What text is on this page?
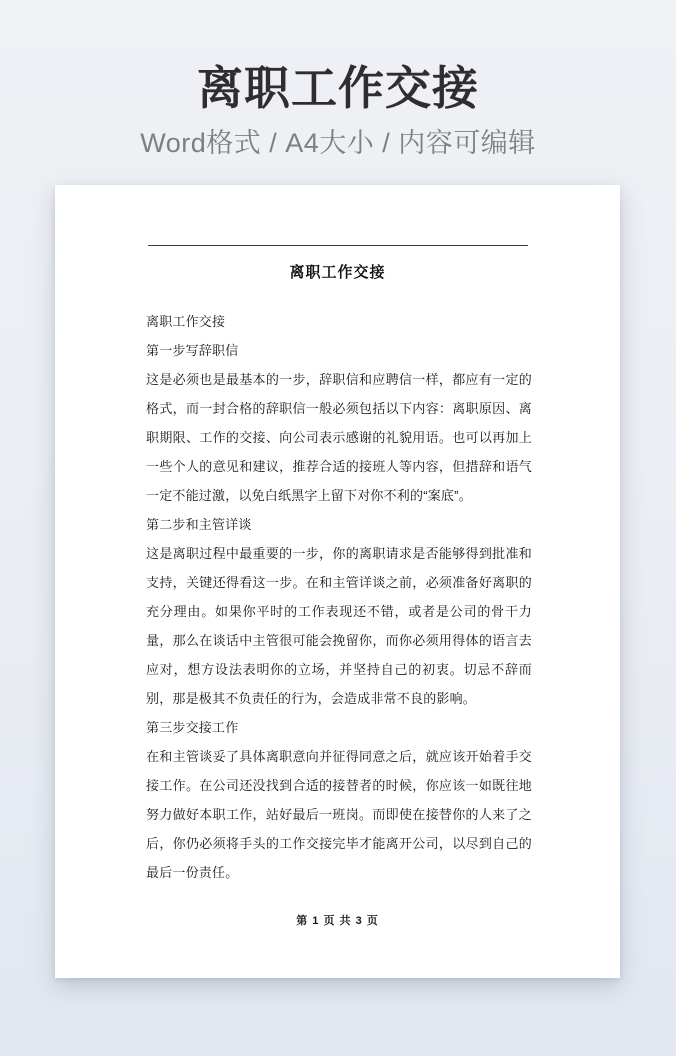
离职工作交接

Word格式 / A4大小 / 内容可编辑

离职工作交接

离职工作交接

第一步写辞职信

这是必须也是最基本的一步，辞职信和应聘信一样，都应有一定的格式，而一封合格的辞职信一般必须包括以下内容：离职原因、离职期限、工作的交接、向公司表示感谢的礼貌用语。也可以再加上一些个人的意见和建议，推荐合适的接班人等内容，但措辞和语气一定不能过激，以免白纸黑字上留下对你不利的“案底”。

第二步和主管详谈

这是离职过程中最重要的一步，你的离职请求是否能够得到批准和支持，关键还得看这一步。在和主管详谈之前，必须准备好离职的充分理由。如果你平时的工作表现还不错，或者是公司的骨干力量，那么在谈话中主管很可能会挽留你，而你必须用得体的语言去应对，想方设法表明你的立场，并坚持自己的初衷。切忌不辞而别，那是极其不负责任的行为，会造成非常不良的影响。

第三步交接工作

在和主管谈妥了具体离职意向并征得同意之后，就应该开始着手交接工作。在公司还没找到合适的接替者的时候，你应该一如既往地努力做好本职工作，站好最后一班岗。而即使在接替你的人来了之后，你仍必须将手头的工作交接完毕才能离开公司，以尽到自己的最后一份责任。

第 1 页 共 3 页
